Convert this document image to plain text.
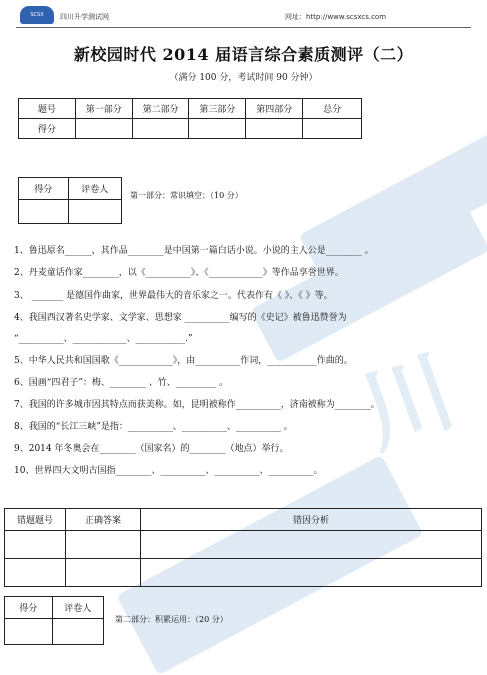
川
SCSX	四川升学测试网	网址：http://www.scsxcs.com
新校园时代 2014 届语言综合素质测评（二）
（满分 100 分，考试时间 90 分钟）
题号	第一部分	第二部分	第三部分	第四部分	总分
得分					
得分	评卷人

第一部分：常识填空：（10 分）
1、鲁迅原名______，其作品________是中国第一篇白话小说。小说的主人公是________ 。
2、丹麦童话作家________，以《__________》、《____________》等作品享誉世界。
3、 _______ 是德国作曲家，世界最伟大的音乐家之一。代表作有《 》、《 》等。
4、我国西汉著名史学家、文学家、思想家 __________编写的《史记》被鲁迅赞誉为
“__________、____________、___________.”
5、中华人民共和国国歌《____________》，由__________作词，___________作曲的。
6、国画“四君子”：梅、________ 、竹、_________ 。
7、我国的许多城市因其特点而获美称。如，昆明被称作__________，济南被称为________。
8、我国的“长江三峡”是指：__________、__________、__________ 。
9、2014 年冬奥会在________（国家名）的________（地点）举行。
10、世界四大文明古国指________、__________、__________、__________。
错题题号	正确答案	错因分析

得分	评卷人

第二部分：积累运用：（20 分）
